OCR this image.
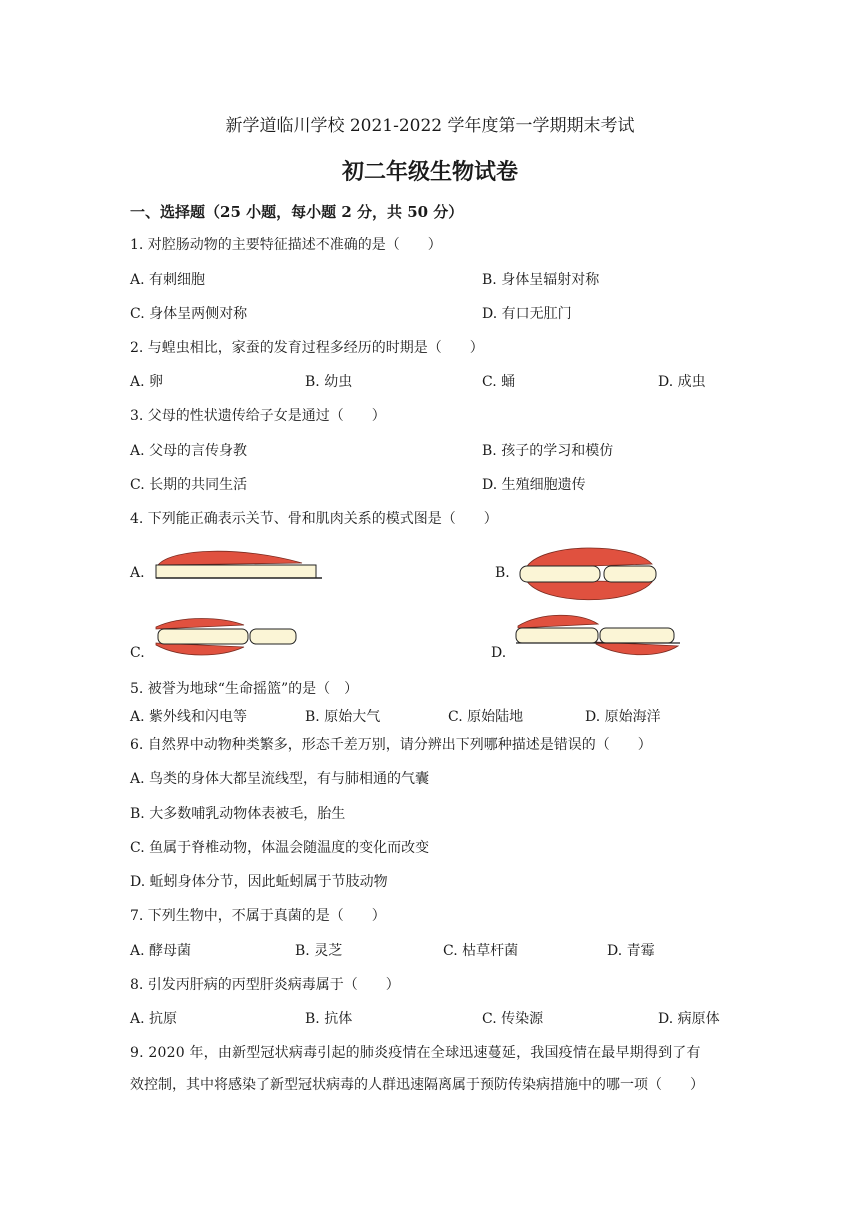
新学道临川学校 2021-2022 学年度第一学期期末考试
初二年级生物试卷
一、选择题（25 小题，每小题 2 分，共 50 分）
1. 对腔肠动物的主要特征描述不准确的是（　　）
A. 有刺细胞	B. 身体呈辐射对称
C. 身体呈两侧对称	D. 有口无肛门
2. 与蝗虫相比，家蚕的发育过程多经历的时期是（　　）
A. 卵	B. 幼虫	C. 蛹	D. 成虫
3. 父母的性状遗传给子女是通过（　　）
A. 父母的言传身教	B. 孩子的学习和模仿
C. 长期的共同生活	D. 生殖细胞遗传
4. 下列能正确表示关节、骨和肌肉关系的模式图是（　　）
A.	B.
C.	D.
5. 被誉为地球“生命摇篮”的是（　）
A. 紫外线和闪电等	B. 原始大气	C. 原始陆地	D. 原始海洋
6. 自然界中动物种类繁多，形态千差万别，请分辨出下列哪种描述是错误的（　　）
A. 鸟类的身体大都呈流线型，有与肺相通的气囊
B. 大多数哺乳动物体表被毛，胎生
C. 鱼属于脊椎动物，体温会随温度的变化而改变
D. 蚯蚓身体分节，因此蚯蚓属于节肢动物
7. 下列生物中，不属于真菌的是（　　）
A. 酵母菌	B. 灵芝	C. 枯草杆菌	D. 青霉
8. 引发丙肝病的丙型肝炎病毒属于（　　）
A. 抗原	B. 抗体	C. 传染源	D. 病原体
9. 2020 年，由新型冠状病毒引起的肺炎疫情在全球迅速蔓延，我国疫情在最早期得到了有
效控制，其中将感染了新型冠状病毒的人群迅速隔离属于预防传染病措施中的哪一项（　　）
